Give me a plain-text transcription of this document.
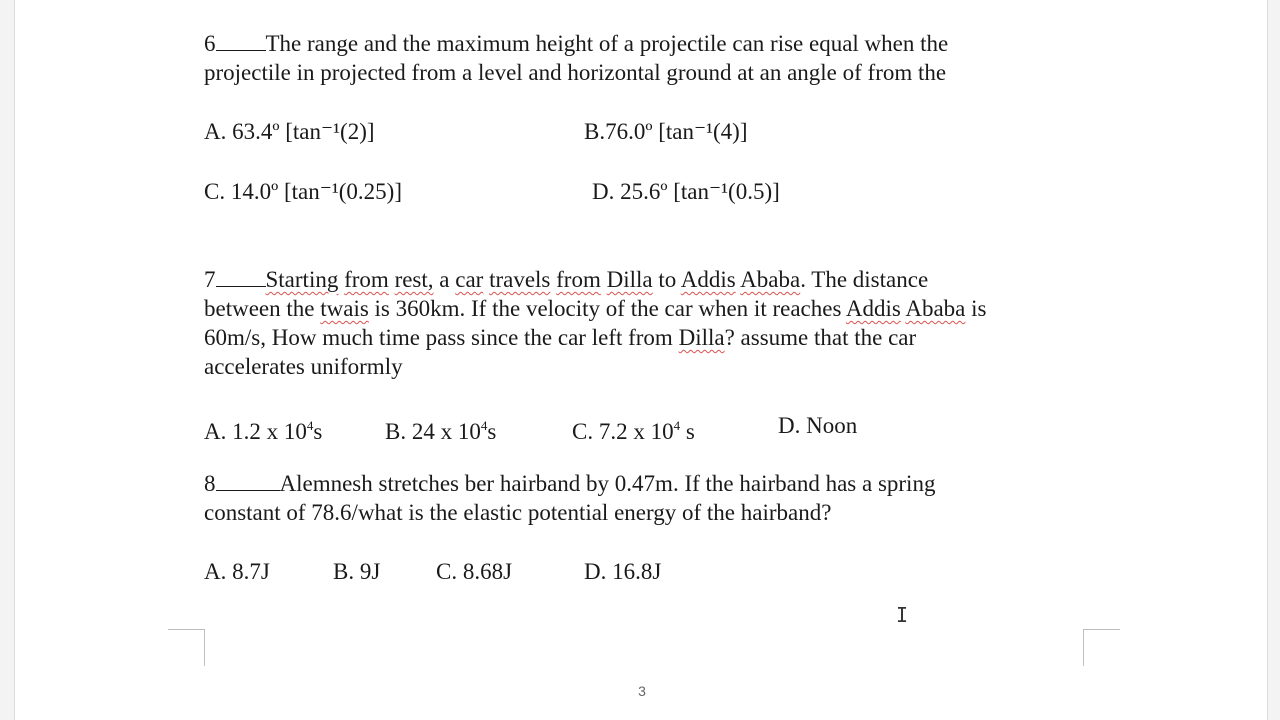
6 The range and the maximum height of a projectile can rise equal when the
projectile in projected from a level and horizontal ground at an angle of from the
A. 63.4º [tan⁻¹(2)]	B.76.0º [tan⁻¹(4)]
C. 14.0º [tan⁻¹(0.25)]	D. 25.6º [tan⁻¹(0.5)]
7 Starting from rest, a car travels from Dilla to Addis Ababa. The distance
between the twais is 360km. If the velocity of the car when it reaches Addis Ababa is
60m/s, How much time pass since the car left from Dilla? assume that the car
accelerates uniformly
A. 1.2 x $10^4s$	B. 24 x $10^4s$	C. 7.2 x $10^4$ s	D. Noon
8	Alemnesh stretches ber hairband by 0.47m. If the hairband has a spring
constant of 78.6/what is the elastic potential energy of the hairband?
A. 8.7J	B. 9J C. 8.68J	D. 16.8J
I
3
